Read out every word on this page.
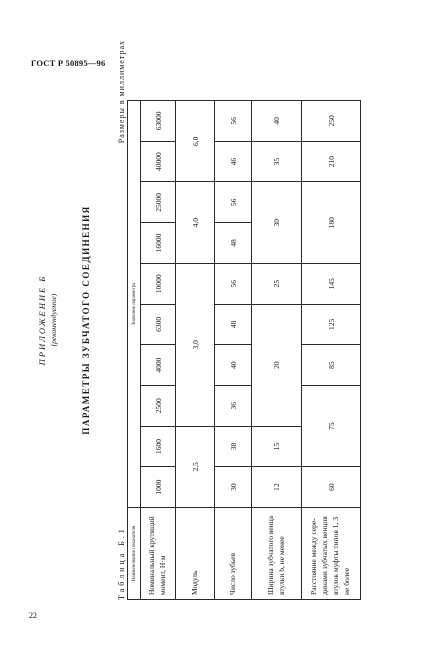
ГОСТ Р 50895—96
ПРИЛОЖЕНИЕ Б (рекомендуемое)	ПАРАМЕТРЫ ЗУБЧАТОГО СОЕДИНЕНИЯ
Таблица Б.1
Размеры в миллиметрах
Наименование показателя	Значение параметра									
Номинальный крутящий момент, Н·м	1000	1600	2500	4000	6300	10000	16000	25000	40000	63000
Модуль	2,5		3,0				4,0		6,0	
Число зубьев	30	38	36	40	48	56	48	56	46	56
Ширина зубчатого венца втулки b, не менее	12	15	20			25	30		35	40
Расстояние между сере-динами зубчатых венцов втулок муфты типов 1, 3 не более	60	75		85	125	145	180		210	250
22
